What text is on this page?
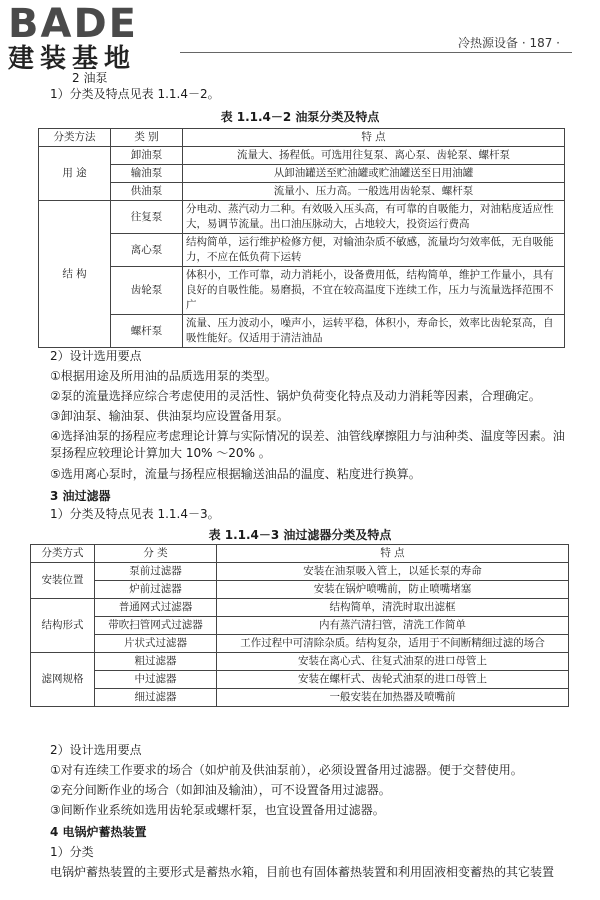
BADE
建装基地
冷热源设备 · 187 ·
2 油泵
1）分类及特点见表 1.1.4－2。
表 1.1.4－2 油泵分类及特点
分类方法	类 别	特 点
用 途	卸油泵	流量大、扬程低。可选用往复泵、离心泵、齿轮泵、螺杆泵
	输油泵	从卸油罐送至贮油罐或贮油罐送至日用油罐
	供油泵	流量小、压力高。一般选用齿轮泵、螺杆泵
结 构	往复泵	分电动、蒸汽动力二种。有效吸入压头高，有可靠的自吸能力，对油粘度适应性大，易调节流量。出口油压脉动大，占地较大，投资运行费高
	离心泵	结构简单，运行维护检修方便，对输油杂质不敏感，流量均匀效率低，无自吸能力，不应在低负荷下运转
	齿轮泵	体积小，工作可靠，动力消耗小，设备费用低，结构简单，维护工作量小，具有良好的自吸性能。易磨损，不宜在较高温度下连续工作，压力与流量选择范围不广
	螺杆泵	流量、压力波动小，噪声小，运转平稳，体积小，寿命长，效率比齿轮泵高，自吸性能好。仅适用于清洁油品
2）设计选用要点
①根据用途及所用油的品质选用泵的类型。
②泵的流量选择应综合考虑使用的灵活性、锅炉负荷变化特点及动力消耗等因素，合理确定。
③卸油泵、输油泵、供油泵均应设置备用泵。
④选择油泵的扬程应考虑理论计算与实际情况的误差、油管线摩擦阻力与油种类、温度等因素。油泵扬程应较理论计算加大 10% ～20% 。
⑤选用离心泵时，流量与扬程应根据输送油品的温度、粘度进行换算。
3 油过滤器
1）分类及特点见表 1.1.4－3。
表 1.1.4－3 油过滤器分类及特点
分类方式	分 类	特 点
安装位置	泵前过滤器	安装在油泵吸入管上，以延长泵的寿命
	炉前过滤器	安装在锅炉喷嘴前，防止喷嘴堵塞
结构形式	普通网式过滤器	结构简单，清洗时取出滤框
	带吹扫管网式过滤器	内有蒸汽清扫管，清洗工作简单
	片状式过滤器	工作过程中可清除杂质。结构复杂，适用于不间断精细过滤的场合
滤网规格	粗过滤器	安装在离心式、往复式油泵的进口母管上
	中过滤器	安装在螺杆式、齿轮式油泵的进口母管上
	细过滤器	一般安装在加热器及喷嘴前
2）设计选用要点
①对有连续工作要求的场合（如炉前及供油泵前），必须设置备用过滤器。便于交替使用。
②充分间断作业的场合（如卸油及输油），可不设置备用过滤器。
③间断作业系统如选用齿轮泵或螺杆泵，也宜设置备用过滤器。
4 电锅炉蓄热装置
1）分类
电锅炉蓄热装置的主要形式是蓄热水箱，目前也有固体蓄热装置和利用固液相变蓄热的其它装置
